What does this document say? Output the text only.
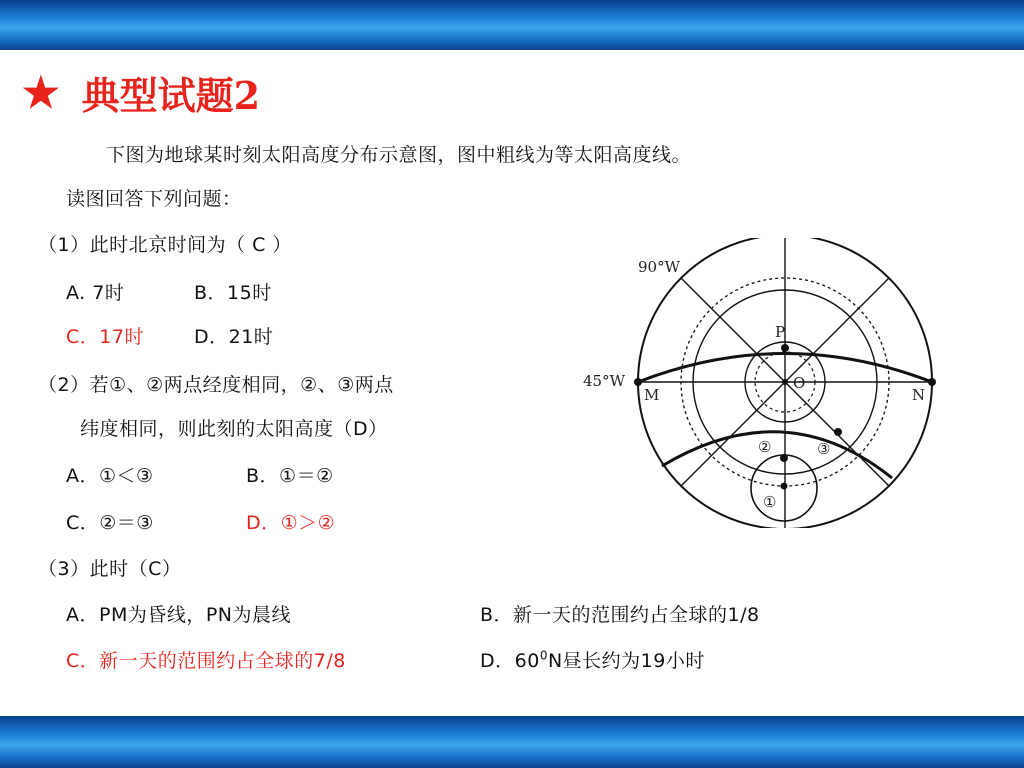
★ 典型试题2
下图为地球某时刻太阳高度分布示意图，图中粗线为等太阳高度线。
读图回答下列问题：
（1）此时北京时间为（ C ）
A. 7时	B．15时
C．17时	D．21时
（2）若①、②两点经度相同，②、③两点
纬度相同，则此刻的太阳高度（D）
A．①＜③	B．①＝②
C．②＝③	D．①＞②
（3）此时（C）
A．PM为昏线，PN为晨线	B．新一天的范围约占全球的1/8
C．新一天的范围约占全球的7/8	D．$60^0N$昼长约为19小时
90°W
45°W
M	N
P
O
②	③
①
